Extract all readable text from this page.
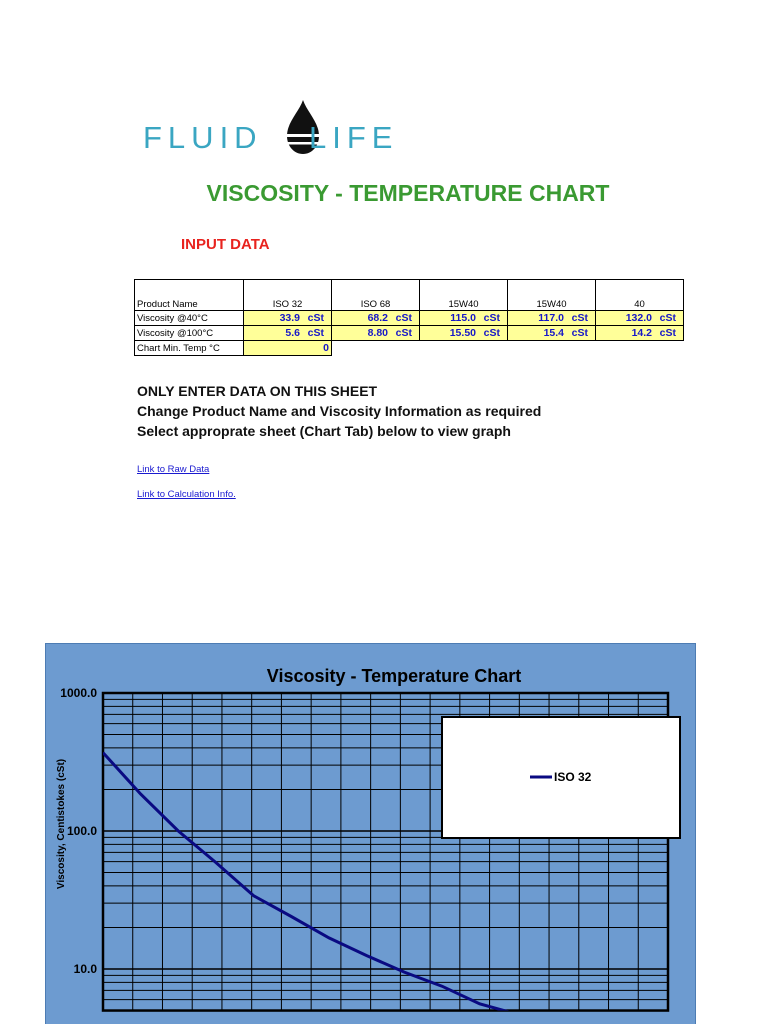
FLUID LIFE
VISCOSITY - TEMPERATURE CHART
INPUT DATA
Product Name	ISO 32	ISO 68	15W40	15W40	40
Viscosity @40°C	33.9 cSt	68.2 cSt	115.0 cSt	117.0 cSt	132.0 cSt
Viscosity @100°C	5.6 cSt	8.80 cSt	15.50 cSt	15.4 cSt	14.2 cSt
Chart Min. Temp °C	0				
ONLY ENTER DATA ON THIS SHEET
Change Product Name and Viscosity Information as required
Select approprate sheet (Chart Tab) below to view graph
Link to Raw Data
Link to Calculation Info.
1000.0
100.0
10.0
Viscosity - Temperature Chart
Viscosity, Centistokes (cSt)	ISO 32
